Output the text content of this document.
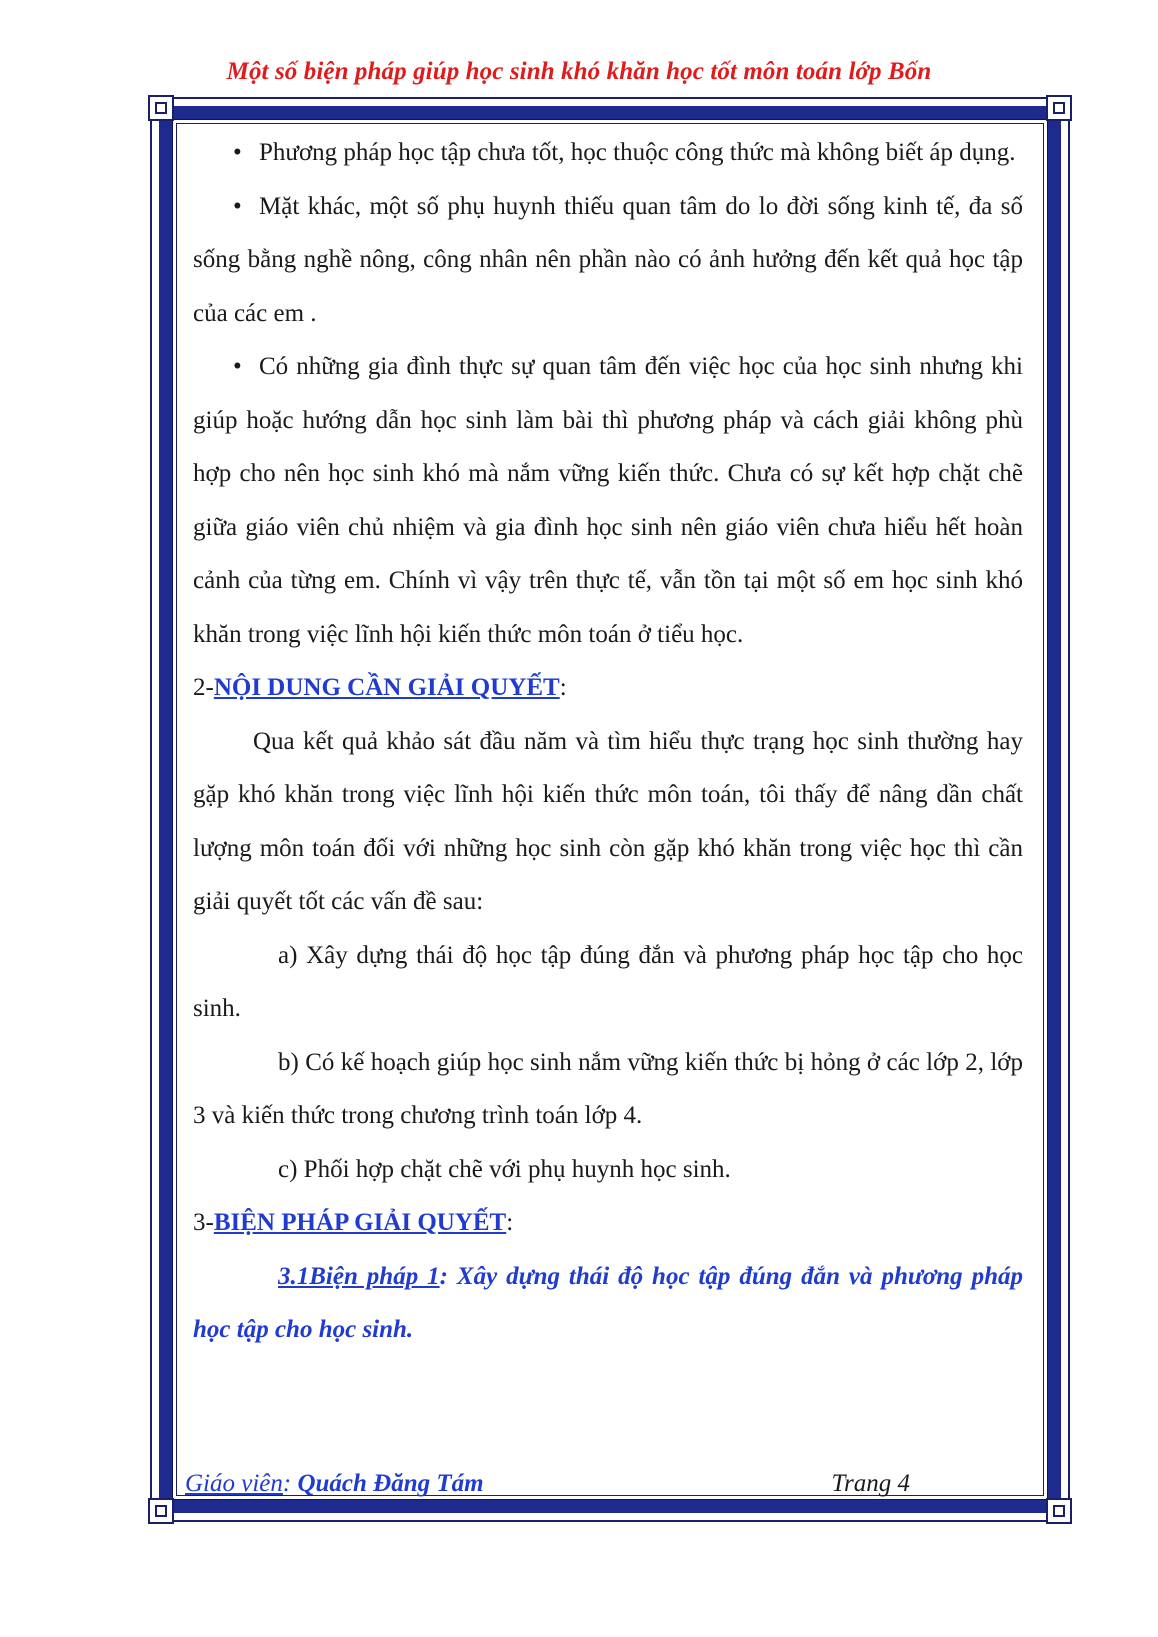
Một số biện pháp giúp học sinh khó khăn học tốt môn toán lớp Bốn

• Phương pháp học tập chưa tốt, học thuộc công thức mà không biết áp dụng.

• Mặt khác, một số phụ huynh thiếu quan tâm do lo đời sống kinh tế, đa số sống bằng nghề nông, công nhân nên phần nào có ảnh hưởng đến kết quả học tập của các em .

• Có những gia đình thực sự quan tâm đến việc học của học sinh nhưng khi giúp hoặc hướng dẫn học sinh làm bài thì phương pháp và cách giải không phù hợp cho nên học sinh khó mà nắm vững kiến thức. Chưa có sự kết hợp chặt chẽ giữa giáo viên chủ nhiệm và gia đình học sinh nên giáo viên chưa hiểu hết hoàn cảnh của từng em. Chính vì vậy trên thực tế, vẫn tồn tại một số em học sinh khó khăn trong việc lĩnh hội kiến thức môn toán ở tiểu học.

2-NỘI DUNG CẦN GIẢI QUYẾT:

Qua kết quả khảo sát đầu năm và tìm hiểu thực trạng học sinh thường hay gặp khó khăn trong việc lĩnh hội kiến thức môn toán, tôi thấy để nâng dần chất lượng môn toán đối với những học sinh còn gặp khó khăn trong việc học thì cần giải quyết tốt các vấn đề sau:

a) Xây dựng thái độ học tập đúng đắn và phương pháp học tập cho học sinh.

b) Có kế hoạch giúp học sinh nắm vững kiến thức bị hỏng ở các lớp 2, lớp 3 và kiến thức trong chương trình toán lớp 4.

c) Phối hợp chặt chẽ với phụ huynh học sinh.

3-BIỆN PHÁP GIẢI QUYẾT:

3.1Biện pháp 1: Xây dựng thái độ học tập đúng đắn và phương pháp học tập cho học sinh.

Giáo viên: Quách Đăng Tám	Trang 4
